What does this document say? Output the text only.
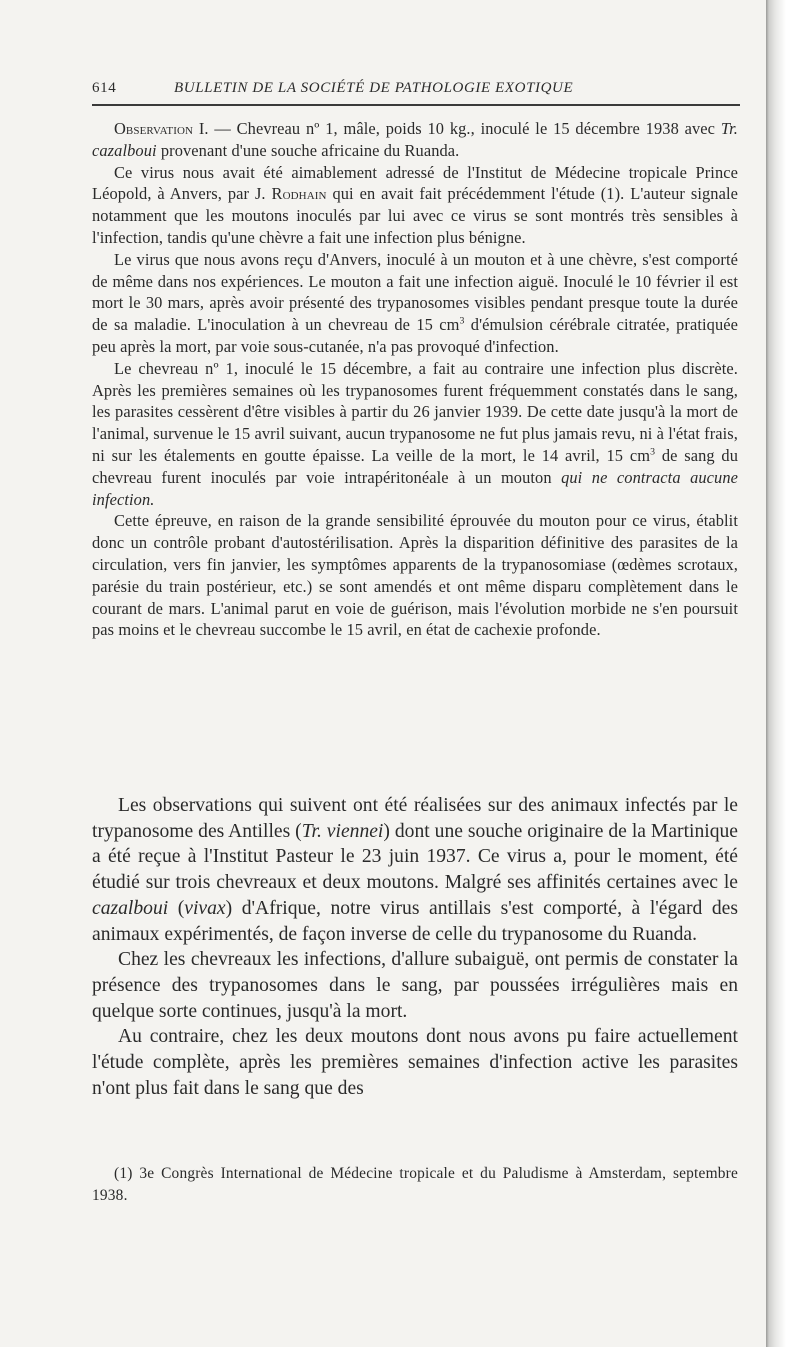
614	BULLETIN DE LA SOCIÉTÉ DE PATHOLOGIE EXOTIQUE

Observation I. — Chevreau nº 1, mâle, poids 10 kg., inoculé le 15 décembre 1938 avec Tr. cazalboui provenant d'une souche africaine du Ruanda.

Ce virus nous avait été aimablement adressé de l'Institut de Médecine tropicale Prince Léopold, à Anvers, par J. Rodhain qui en avait fait précédemment l'étude (1). L'auteur signale notamment que les moutons inoculés par lui avec ce virus se sont montrés très sensibles à l'infection, tandis qu'une chèvre a fait une infection plus bénigne.

Le virus que nous avons reçu d'Anvers, inoculé à un mouton et à une chèvre, s'est comporté de même dans nos expériences. Le mouton a fait une infection aiguë. Inoculé le 10 février il est mort le 30 mars, après avoir présenté des trypanosomes visibles pendant presque toute la durée de sa maladie. L'inoculation à un chevreau de 15 $cm^3$ d'émulsion cérébrale citratée, pratiquée peu après la mort, par voie sous-cutanée, n'a pas provoqué d'infection.

Le chevreau nº 1, inoculé le 15 décembre, a fait au contraire une infection plus discrète. Après les premières semaines où les trypanosomes furent fréquemment constatés dans le sang, les parasites cessèrent d'être visibles à partir du 26 janvier 1939. De cette date jusqu'à la mort de l'animal, survenue le 15 avril suivant, aucun trypanosome ne fut plus jamais revu, ni à l'état frais, ni sur les étalements en goutte épaisse. La veille de la mort, le 14 avril, 15 $cm^3$ de sang du chevreau furent inoculés par voie intrapéritonéale à un mouton qui ne contracta aucune infection.

Cette épreuve, en raison de la grande sensibilité éprouvée du mouton pour ce virus, établit donc un contrôle probant d'autostérilisation. Après la disparition définitive des parasites de la circulation, vers fin janvier, les symptômes apparents de la trypanosomiase (œdèmes scrotaux, parésie du train postérieur, etc.) se sont amendés et ont même disparu complètement dans le courant de mars. L'animal parut en voie de guérison, mais l'évolution morbide ne s'en poursuit pas moins et le chevreau succombe le 15 avril, en état de cachexie profonde.

Les observations qui suivent ont été réalisées sur des animaux infectés par le trypanosome des Antilles (Tr. viennei) dont une souche originaire de la Martinique a été reçue à l'Institut Pasteur le 23 juin 1937. Ce virus a, pour le moment, été étudié sur trois chevreaux et deux moutons. Malgré ses affinités certaines avec le cazalboui (vivax) d'Afrique, notre virus antillais s'est comporté, à l'égard des animaux expérimentés, de façon inverse de celle du trypanosome du Ruanda.

Chez les chevreaux les infections, d'allure subaiguë, ont permis de constater la présence des trypanosomes dans le sang, par poussées irrégulières mais en quelque sorte continues, jusqu'à la mort.

Au contraire, chez les deux moutons dont nous avons pu faire actuellement l'étude complète, après les premières semaines d'infection active les parasites n'ont plus fait dans le sang que des

(1) 3e Congrès International de Médecine tropicale et du Paludisme à Amsterdam, septembre 1938.
